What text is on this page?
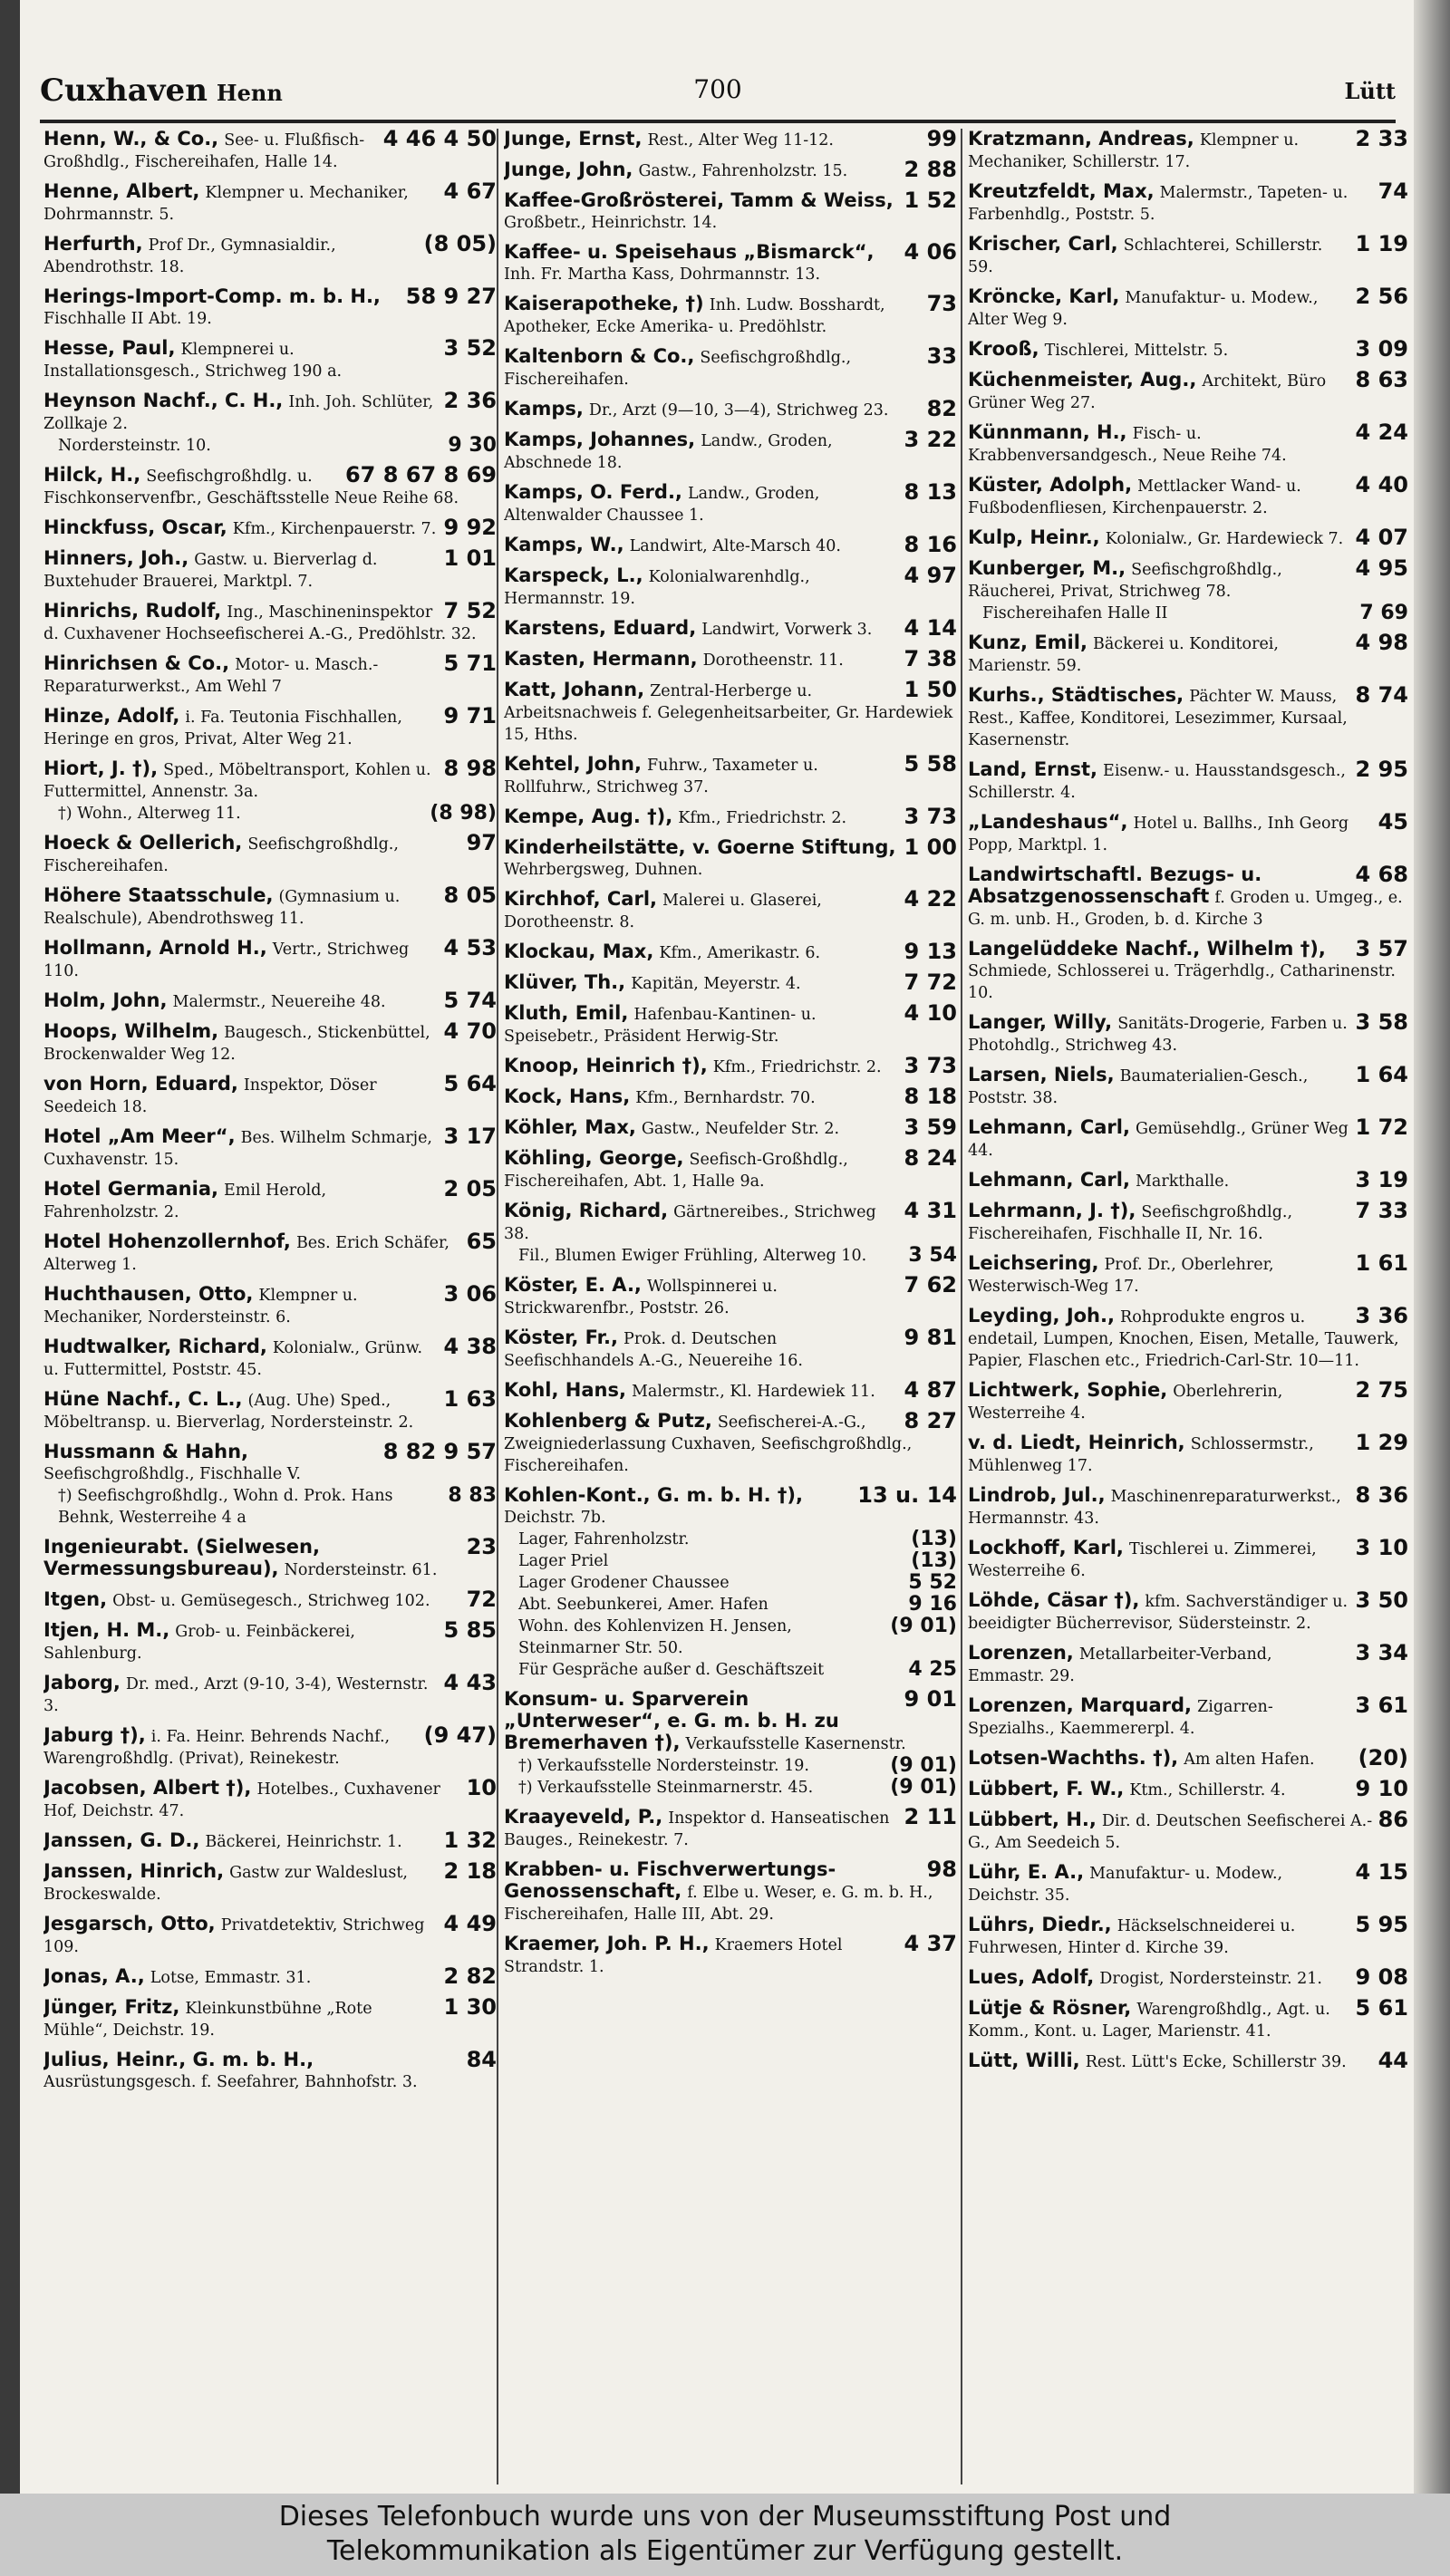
Cuxhaven Henn	700	Lütt
4 46 4 50
Henn, W., & Co., See- u. Flußfisch-Großhdlg., Fischereihafen, Halle 14.
4 67
Henne, Albert, Klempner u. Mechaniker, Dohrmannstr. 5.
(8 05)
Herfurth, Prof Dr., Gymnasialdir., Abendrothstr. 18.
58 9 27
Herings-Import-Comp. m. b. H., Fischhalle II Abt. 19.
3 52
Hesse, Paul, Klempnerei u. Installationsgesch., Strichweg 190 a.
2 36
Heynson Nachf., C. H., Inh. Joh. Schlüter, Zollkaje 2.
9 30
Nordersteinstr. 10.
67 8 67 8 69
Hilck, H., Seefischgroßhdlg. u. Fischkonservenfbr., Geschäftsstelle Neue Reihe 68.
9 92
Hinckfuss, Oscar, Kfm., Kirchenpauerstr. 7.
1 01
Hinners, Joh., Gastw. u. Bierverlag d. Buxtehuder Brauerei, Marktpl. 7.
7 52
Hinrichs, Rudolf, Ing., Maschineninspektor d. Cuxhavener Hochseefischerei A.-G., Predöhlstr. 32.
5 71
Hinrichsen & Co., Motor- u. Masch.-Reparaturwerkst., Am Wehl 7
9 71
Hinze, Adolf, i. Fa. Teutonia Fischhallen, Heringe en gros, Privat, Alter Weg 21.
8 98
Hiort, J. †), Sped., Möbeltransport, Kohlen u. Futtermittel, Annenstr. 3a.
(8 98)
†) Wohn., Alterweg 11.
97
Hoeck & Oellerich, Seefischgroßhdlg., Fischereihafen.
8 05
Höhere Staatsschule, (Gymnasium u. Realschule), Abendrothsweg 11.
4 53
Hollmann, Arnold H., Vertr., Strichweg 110.
5 74
Holm, John, Malermstr., Neuereihe 48.
4 70
Hoops, Wilhelm, Baugesch., Stickenbüttel, Brockenwalder Weg 12.
5 64
von Horn, Eduard, Inspektor, Döser Seedeich 18.
3 17
Hotel „Am Meer“, Bes. Wilhelm Schmarje, Cuxhavenstr. 15.
2 05
Hotel Germania, Emil Herold, Fahrenholzstr. 2.
65
Hotel Hohenzollernhof, Bes. Erich Schäfer, Alterweg 1.
3 06
Huchthausen, Otto, Klempner u. Mechaniker, Nordersteinstr. 6.
4 38
Hudtwalker, Richard, Kolonialw., Grünw. u. Futtermittel, Poststr. 45.
1 63
Hüne Nachf., C. L., (Aug. Uhe) Sped., Möbeltransp. u. Bierverlag, Nordersteinstr. 2.
8 82 9 57
Hussmann & Hahn, Seefischgroßhdlg., Fischhalle V.
8 83
†) Seefischgroßhdlg., Wohn d. Prok. Hans Behnk, Westerreihe 4 a
23
Ingenieurabt. (Sielwesen, Vermessungsbureau), Nordersteinstr. 61.
72
Itgen, Obst- u. Gemüsegesch., Strichweg 102.
5 85
Itjen, H. M., Grob- u. Feinbäckerei, Sahlenburg.
4 43
Jaborg, Dr. med., Arzt (9-10, 3-4), Westernstr. 3.
(9 47)
Jaburg †), i. Fa. Heinr. Behrends Nachf., Warengroßhdlg. (Privat), Reinekestr.
10
Jacobsen, Albert †), Hotelbes., Cuxhavener Hof, Deichstr. 47.
1 32
Janssen, G. D., Bäckerei, Heinrichstr. 1.
2 18
Janssen, Hinrich, Gastw zur Waldeslust, Brockeswalde.
4 49
Jesgarsch, Otto, Privatdetektiv, Strichweg 109.
2 82
Jonas, A., Lotse, Emmastr. 31.
1 30
Jünger, Fritz, Kleinkunstbühne „Rote Mühle“, Deichstr. 19.
84
Julius, Heinr., G. m. b. H., Ausrüstungsgesch. f. Seefahrer, Bahnhofstr. 3.
99
Junge, Ernst, Rest., Alter Weg 11-12.
2 88
Junge, John, Gastw., Fahrenholzstr. 15.
1 52
Kaffee-Großrösterei, Tamm & Weiss, Großbetr., Heinrichstr. 14.
4 06
Kaffee- u. Speisehaus „Bismarck“, Inh. Fr. Martha Kass, Dohrmannstr. 13.
73
Kaiserapotheke, †) Inh. Ludw. Bosshardt, Apotheker, Ecke Amerika- u. Predöhlstr.
33
Kaltenborn & Co., Seefischgroßhdlg., Fischereihafen.
82
Kamps, Dr., Arzt (9—10, 3—4), Strichweg 23.
3 22
Kamps, Johannes, Landw., Groden, Abschnede 18.
8 13
Kamps, O. Ferd., Landw., Groden, Altenwalder Chaussee 1.
8 16
Kamps, W., Landwirt, Alte-Marsch 40.
4 97
Karspeck, L., Kolonialwarenhdlg., Hermannstr. 19.
4 14
Karstens, Eduard, Landwirt, Vorwerk 3.
7 38
Kasten, Hermann, Dorotheenstr. 11.
1 50
Katt, Johann, Zentral-Herberge u. Arbeitsnachweis f. Gelegenheitsarbeiter, Gr. Hardewiek 15, Hths.
5 58
Kehtel, John, Fuhrw., Taxameter u. Rollfuhrw., Strichweg 37.
3 73
Kempe, Aug. †), Kfm., Friedrichstr. 2.
1 00
Kinderheilstätte, v. Goerne Stiftung, Wehrbergsweg, Duhnen.
4 22
Kirchhof, Carl, Malerei u. Glaserei, Dorotheenstr. 8.
9 13
Klockau, Max, Kfm., Amerikastr. 6.
7 72
Klüver, Th., Kapitän, Meyerstr. 4.
4 10
Kluth, Emil, Hafenbau-Kantinen- u. Speisebetr., Präsident Herwig-Str.
3 73
Knoop, Heinrich †), Kfm., Friedrichstr. 2.
8 18
Kock, Hans, Kfm., Bernhardstr. 70.
3 59
Köhler, Max, Gastw., Neufelder Str. 2.
8 24
Köhling, George, Seefisch-Großhdlg., Fischereihafen, Abt. 1, Halle 9a.
4 31
König, Richard, Gärtnereibes., Strichweg 38.
3 54
Fil., Blumen Ewiger Frühling, Alterweg 10.
7 62
Köster, E. A., Wollspinnerei u. Strickwarenfbr., Poststr. 26.
9 81
Köster, Fr., Prok. d. Deutschen Seefischhandels A.-G., Neuereihe 16.
4 87
Kohl, Hans, Malermstr., Kl. Hardewiek 11.
8 27
Kohlenberg & Putz, Seefischerei-A.-G., Zweigniederlassung Cuxhaven, Seefischgroßhdlg., Fischereihafen.
13 u. 14
Kohlen-Kont., G. m. b. H. †), Deichstr. 7b.
(13)
Lager, Fahrenholzstr.
(13)
Lager Priel
5 52
Lager Grodener Chaussee
9 16
Abt. Seebunkerei, Amer. Hafen
(9 01)
Wohn. des Kohlenvizen H. Jensen, Steinmarner Str. 50.
4 25
Für Gespräche außer d. Geschäftszeit
9 01
Konsum- u. Sparverein „Unterweser“, e. G. m. b. H. zu Bremerhaven †), Verkaufsstelle Kasernenstr.
(9 01)
†) Verkaufsstelle Nordersteinstr. 19.
(9 01)
†) Verkaufsstelle Steinmarnerstr. 45.
2 11
Kraayeveld, P., Inspektor d. Hanseatischen Bauges., Reinekestr. 7.
98
Krabben- u. Fischverwertungs-Genossenschaft, f. Elbe u. Weser, e. G. m. b. H., Fischereihafen, Halle III, Abt. 29.
4 37
Kraemer, Joh. P. H., Kraemers Hotel Strandstr. 1.
2 33
Kratzmann, Andreas, Klempner u. Mechaniker, Schillerstr. 17.
74
Kreutzfeldt, Max, Malermstr., Tapeten- u. Farbenhdlg., Poststr. 5.
1 19
Krischer, Carl, Schlachterei, Schillerstr. 59.
2 56
Kröncke, Karl, Manufaktur- u. Modew., Alter Weg 9.
3 09
Krooß, Tischlerei, Mittelstr. 5.
8 63
Küchenmeister, Aug., Architekt, Büro Grüner Weg 27.
4 24
Künnmann, H., Fisch- u. Krabbenversandgesch., Neue Reihe 74.
4 40
Küster, Adolph, Mettlacker Wand- u. Fußbodenfliesen, Kirchenpauerstr. 2.
4 07
Kulp, Heinr., Kolonialw., Gr. Hardewieck 7.
4 95
Kunberger, M., Seefischgroßhdlg., Räucherei, Privat, Strichweg 78.
7 69
Fischereihafen Halle II
4 98
Kunz, Emil, Bäckerei u. Konditorei, Marienstr. 59.
8 74
Kurhs., Städtisches, Pächter W. Mauss, Rest., Kaffee, Konditorei, Lesezimmer, Kursaal, Kasernenstr.
2 95
Land, Ernst, Eisenw.- u. Hausstandsgesch., Schillerstr. 4.
45
„Landeshaus“, Hotel u. Ballhs., Inh Georg Popp, Marktpl. 1.
4 68
Landwirtschaftl. Bezugs- u. Absatzgenossenschaft f. Groden u. Umgeg., e. G. m. unb. H., Groden, b. d. Kirche 3
3 57
Langelüddeke Nachf., Wilhelm †), Schmiede, Schlosserei u. Trägerhdlg., Catharinenstr. 10.
3 58
Langer, Willy, Sanitäts-Drogerie, Farben u. Photohdlg., Strichweg 43.
1 64
Larsen, Niels, Baumaterialien-Gesch., Poststr. 38.
1 72
Lehmann, Carl, Gemüsehdlg., Grüner Weg 44.
3 19
Lehmann, Carl, Markthalle.
7 33
Lehrmann, J. †), Seefischgroßhdlg., Fischereihafen, Fischhalle II, Nr. 16.
1 61
Leichsering, Prof. Dr., Oberlehrer, Westerwisch-Weg 17.
3 36
Leyding, Joh., Rohprodukte engros u. endetail, Lumpen, Knochen, Eisen, Metalle, Tauwerk, Papier, Flaschen etc., Friedrich-Carl-Str. 10—11.
2 75
Lichtwerk, Sophie, Oberlehrerin, Westerreihe 4.
1 29
v. d. Liedt, Heinrich, Schlossermstr., Mühlenweg 17.
8 36
Lindrob, Jul., Maschinenreparaturwerkst., Hermannstr. 43.
3 10
Lockhoff, Karl, Tischlerei u. Zimmerei, Westerreihe 6.
3 50
Löhde, Cäsar †), kfm. Sachverständiger u. beeidigter Bücherrevisor, Südersteinstr. 2.
3 34
Lorenzen, Metallarbeiter-Verband, Emmastr. 29.
3 61
Lorenzen, Marquard, Zigarren-Spezialhs., Kaemmererpl. 4.
(20)
Lotsen-Wachths. †), Am alten Hafen.
9 10
Lübbert, F. W., Ktm., Schillerstr. 4.
86
Lübbert, H., Dir. d. Deutschen Seefischerei A.-G., Am Seedeich 5.
4 15
Lühr, E. A., Manufaktur- u. Modew., Deichstr. 35.
5 95
Lührs, Diedr., Häckselschneiderei u. Fuhrwesen, Hinter d. Kirche 39.
9 08
Lues, Adolf, Drogist, Nordersteinstr. 21.
5 61
Lütje & Rösner, Warengroßhdlg., Agt. u. Komm., Kont. u. Lager, Marienstr. 41.
44
Lütt, Willi, Rest. Lütt's Ecke, Schillerstr 39.
Dieses Telefonbuch wurde uns von der Museumsstiftung Post und
Telekommunikation als Eigentümer zur Verfügung gestellt.
